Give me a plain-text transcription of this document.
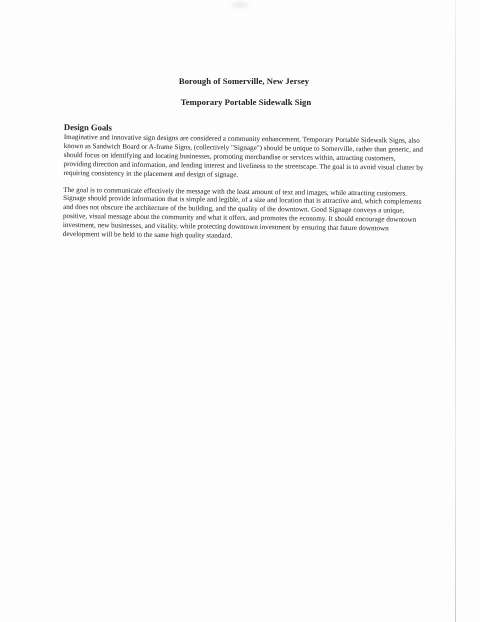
Borough of Somerville, New Jersey
Temporary Portable Sidewalk Sign
Design Goals

Imaginative and innovative sign designs are considered a community enhancement. Temporary Portable Sidewalk Signs, also known as Sandwich Board or A-frame Signs, (collectively "Signage") should be unique to Somerville, rather than generic, and should focus on identifying and locating businesses, promoting merchandise or services within, attracting customers, providing direction and information, and lending interest and liveliness to the streetscape. The goal is to avoid visual clutter by requiring consistency in the placement and design of signage.

The goal is to communicate effectively the message with the least amount of text and images, while attracting customers. Signage should provide information that is simple and legible, of a size and location that is attractive and, which complements and does not obscure the architecture of the building, and the quality of the downtown. Good Signage conveys a unique, positive, visual message about the community and what it offers, and promotes the economy. It should encourage downtown investment, new businesses, and vitality, while protecting downtown investment by ensuring that future downtown development will be held to the same high quality standard.
